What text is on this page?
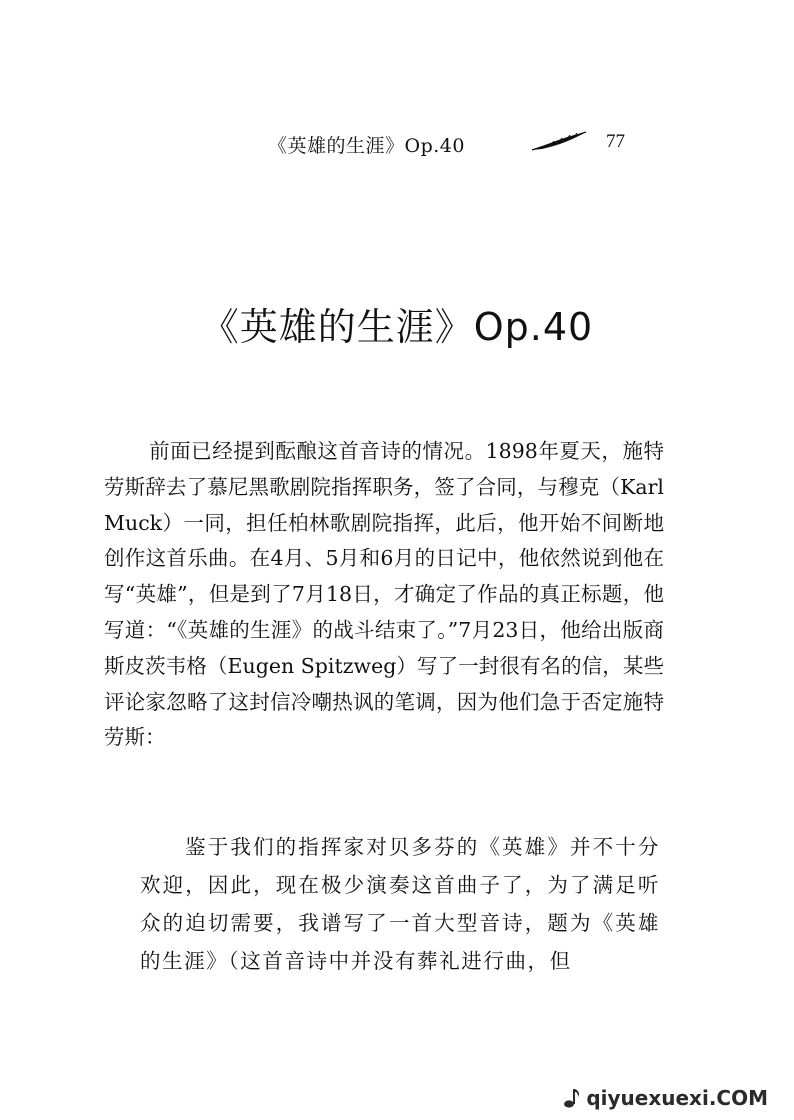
《英雄的生涯》Op.40	77
《英雄的生涯》Op.40

前面已经提到酝酿这首音诗的情况。1898年夏天，施特劳斯辞去了慕尼黑歌剧院指挥职务，签了合同，与穆克（Karl Muck）一同，担任柏林歌剧院指挥，此后，他开始不间断地创作这首乐曲。在4月、5月和6月的日记中，他依然说到他在写“英雄”，但是到了7月18日，才确定了作品的真正标题，他写道：“《英雄的生涯》的战斗结束了。”7月23日，他给出版商斯皮茨韦格（Eugen Spitzweg）写了一封很有名的信，某些评论家忽略了这封信冷嘲热讽的笔调，因为他们急于否定施特劳斯：

鉴于我们的指挥家对贝多芬的《英雄》并不十分欢迎，因此，现在极少演奏这首曲子了，为了满足听众的迫切需要，我谱写了一首大型音诗，题为《英雄的生涯》（这首音诗中并没有葬礼进行曲，但

qiyuexuexi.COM
